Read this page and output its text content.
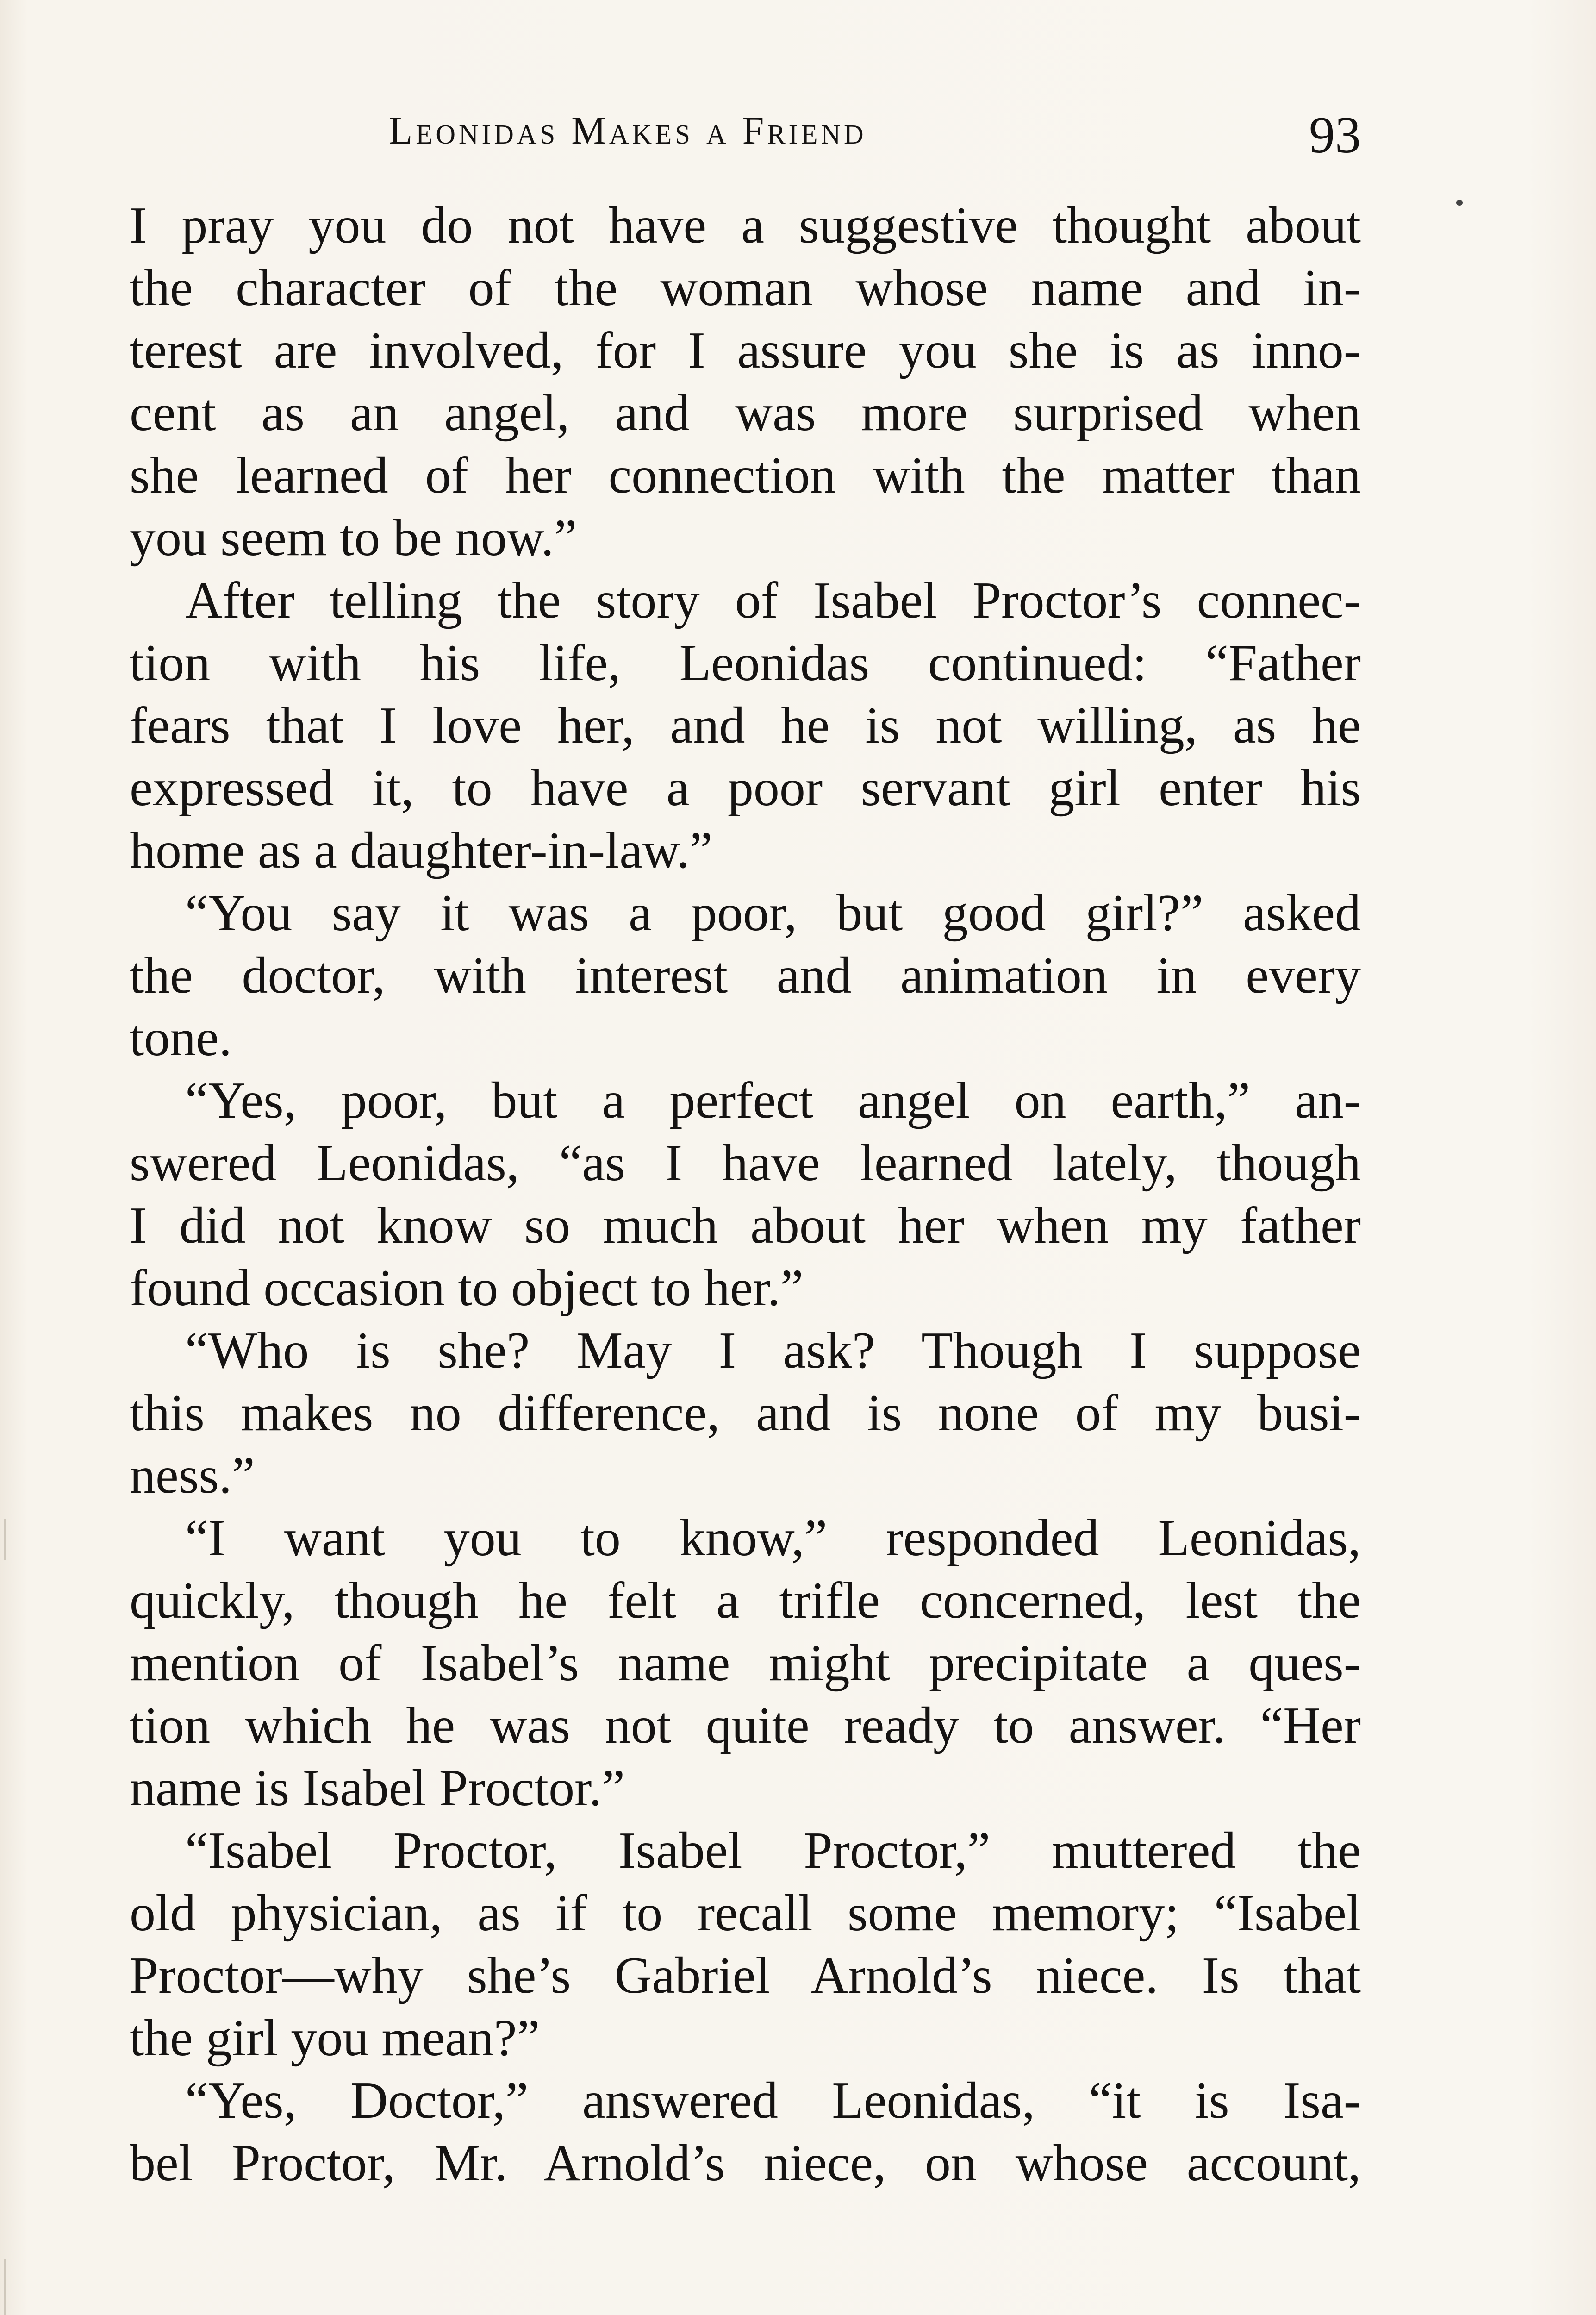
Leonidas Makes a Friend	93
I pray you do not have a suggestive thought about
the character of the woman whose name and in-
terest are involved, for I assure you she is as inno-
cent as an angel, and was more surprised when
she learned of her connection with the matter than
you seem to be now.”
After telling the story of Isabel Proctor’s connec-
tion with his life, Leonidas continued: “Father
fears that I love her, and he is not willing, as he
expressed it, to have a poor servant girl enter his
home as a daughter-in-law.”
“You say it was a poor, but good girl?” asked
the doctor, with interest and animation in every
tone.
“Yes, poor, but a perfect angel on earth,” an-
swered Leonidas, “as I have learned lately, though
I did not know so much about her when my father
found occasion to object to her.”
“Who is she? May I ask? Though I suppose
this makes no difference, and is none of my busi-
ness.”
“I want you to know,” responded Leonidas,
quickly, though he felt a trifle concerned, lest the
mention of Isabel’s name might precipitate a ques-
tion which he was not quite ready to answer. “Her
name is Isabel Proctor.”
“Isabel Proctor, Isabel Proctor,” muttered the
old physician, as if to recall some memory; “Isabel
Proctor—why she’s Gabriel Arnold’s niece. Is that
the girl you mean?”
“Yes, Doctor,” answered Leonidas, “it is Isa-
bel Proctor, Mr. Arnold’s niece, on whose account,
